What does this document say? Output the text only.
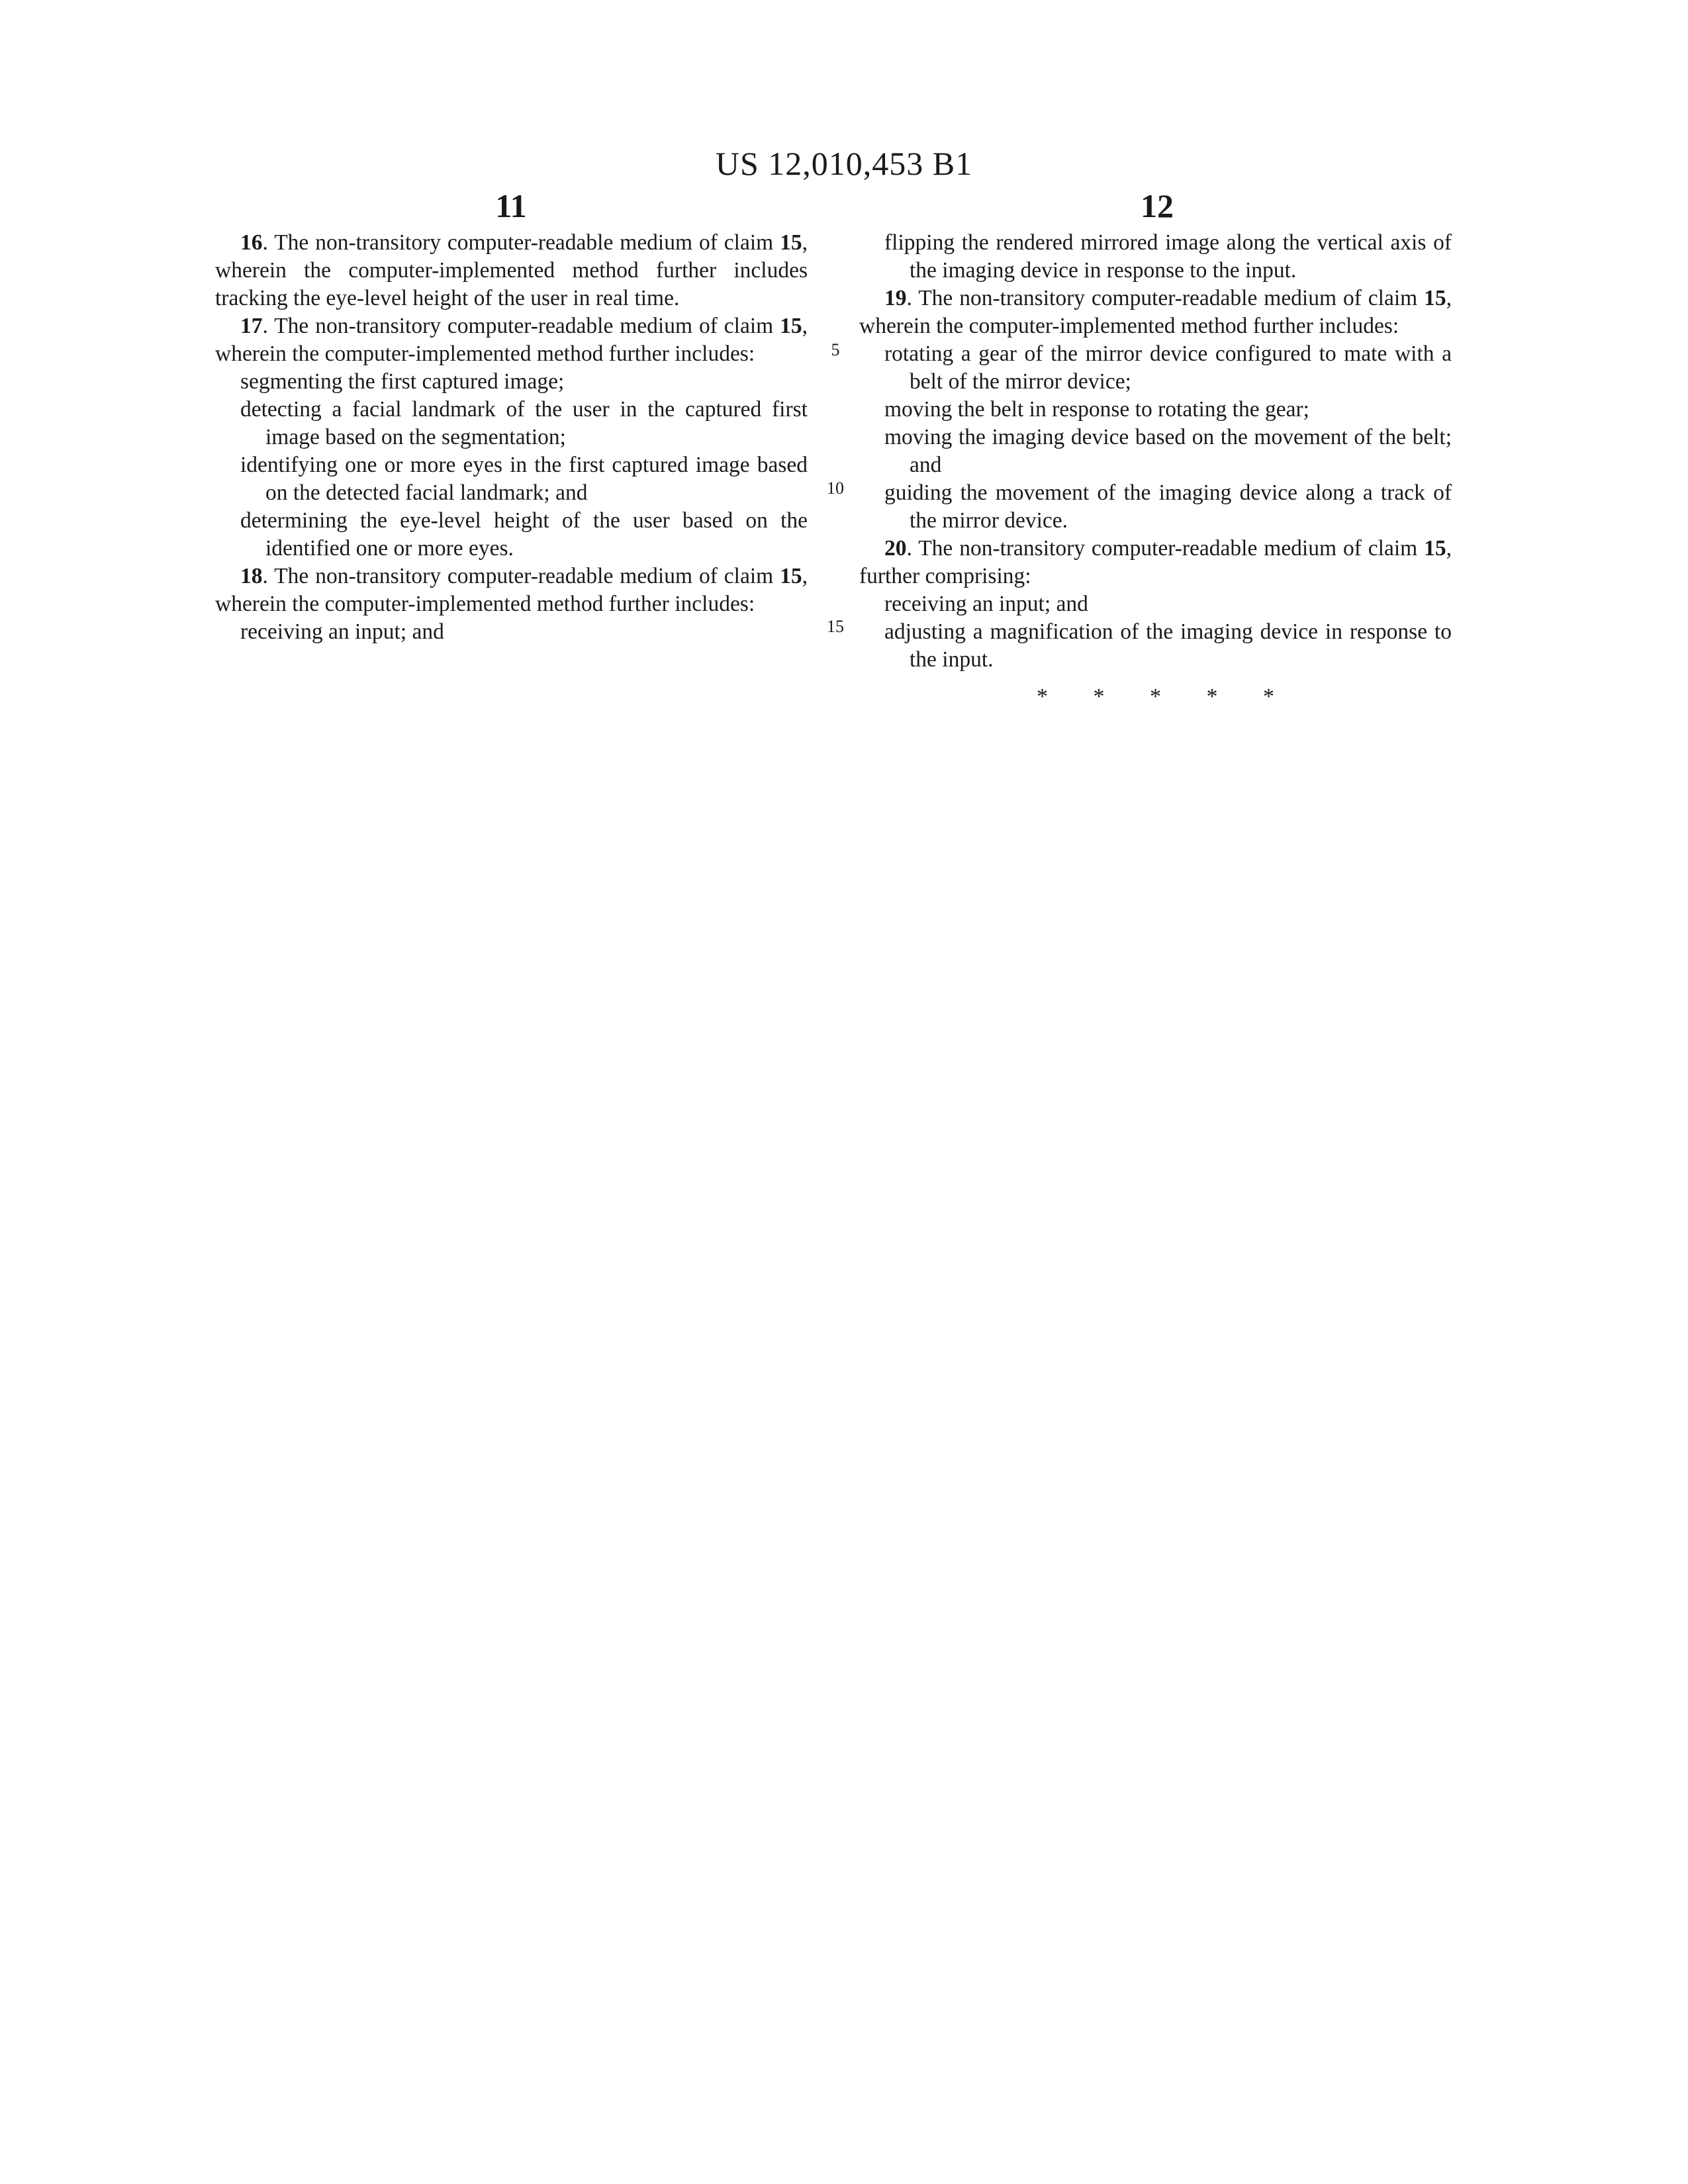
US 12,010,453 B1
11	12
5
10
15

16. The non-transitory computer-readable medium of claim 15, wherein the computer-implemented method further includes tracking the eye-level height of the user in real time.

17. The non-transitory computer-readable medium of claim 15, wherein the computer-implemented method further includes:

segmenting the first captured image;

detecting a facial landmark of the user in the captured first image based on the segmentation;

identifying one or more eyes in the first captured image based on the detected facial landmark; and

determining the eye-level height of the user based on the identified one or more eyes.

18. The non-transitory computer-readable medium of claim 15, wherein the computer-implemented method further includes:

receiving an input; and

flipping the rendered mirrored image along the vertical axis of the imaging device in response to the input.

19. The non-transitory computer-readable medium of claim 15, wherein the computer-implemented method further includes:

rotating a gear of the mirror device configured to mate with a belt of the mirror device;

moving the belt in response to rotating the gear;

moving the imaging device based on the movement of the belt; and

guiding the movement of the imaging device along a track of the mirror device.

20. The non-transitory computer-readable medium of claim 15, further comprising:

receiving an input; and

adjusting a magnification of the imaging device in response to the input.

* * * * *
